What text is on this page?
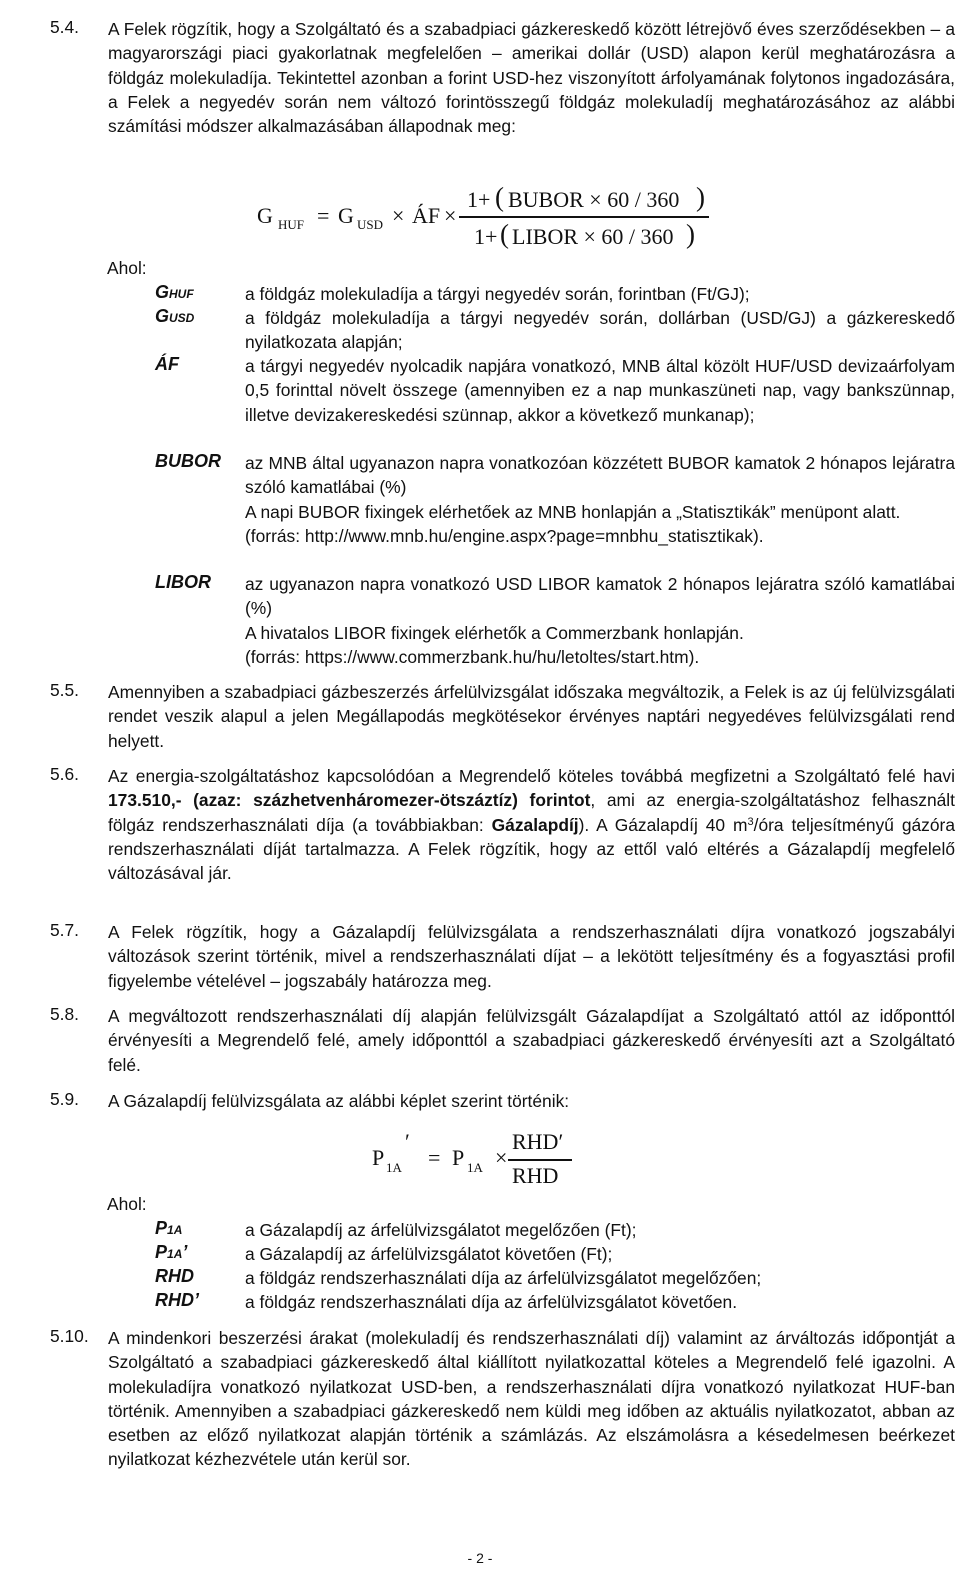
5.4. A Felek rögzítik, hogy a Szolgáltató és a szabadpiaci gázkereskedő között létrejövő éves szerződésekben – a magyarországi piaci gyakorlatnak megfelelően – amerikai dollár (USD) alapon kerül meghatározásra a földgáz molekuladíja. Tekintettel azonban a forint USD-hez viszonyított árfolyamának folytonos ingadozására, a Felek a negyedév során nem változó forintösszegű földgáz molekuladíj meghatározásához az alábbi számítási módszer alkalmazásában állapodnak meg:
G HUF = G USD × ÁF ×
1+ ( BUBOR × 60 / 360 )
1+ ( LIBOR × 60 / 360 )
Ahol:
GHUF	a földgáz molekuladíja a tárgyi negyedév során, forintban (Ft/GJ);
GUSD	a földgáz molekuladíja a tárgyi negyedév során, dollárban (USD/GJ) a gázkereskedő nyilatkozata alapján;
ÁF	a tárgyi negyedév nyolcadik napjára vonatkozó, MNB által közölt HUF/USD devizaárfolyam 0,5 forinttal növelt összege (amennyiben ez a nap munkaszüneti nap, vagy bankszünnap, illetve devizakereskedési szünnap, akkor a következő munkanap);
BUBOR az MNB által ugyanazon napra vonatkozóan közzétett BUBOR kamatok 2 hónapos lejáratra szóló kamatlábai (%)
A napi BUBOR fixingek elérhetőek az MNB honlapján a „Statisztikák” menüpont alatt.
(forrás: http://www.mnb.hu/engine.aspx?page=mnbhu_statisztikak).
LIBOR az ugyanazon napra vonatkozó USD LIBOR kamatok 2 hónapos lejáratra szóló kamatlábai (%)
A hivatalos LIBOR fixingek elérhetők a Commerzbank honlapján.
(forrás: https://www.commerzbank.hu/hu/letoltes/start.htm).
5.5. Amennyiben a szabadpiaci gázbeszerzés árfelülvizsgálat időszaka megváltozik, a Felek is az új felülvizsgálati rendet veszik alapul a jelen Megállapodás megkötésekor érvényes naptári negyedéves felülvizsgálati rend helyett.
5.6. Az energia-szolgáltatáshoz kapcsolódóan a Megrendelő köteles továbbá megfizetni a Szolgáltató felé havi 173.510,- (azaz: százhetvenháromezer-ötszáztíz) forintot, ami az energia-szolgáltatáshoz felhasznált fölgáz rendszerhasználati díja (a továbbiakban: Gázalapdíj). A Gázalapdíj 40 $m^3$/óra teljesítményű gázóra rendszerhasználati díját tartalmazza. A Felek rögzítik, hogy az ettől való eltérés a Gázalapdíj megfelelő változásával jár.
5.7. A Felek rögzítik, hogy a Gázalapdíj felülvizsgálata a rendszerhasználati díjra vonatkozó jogszabályi változások szerint történik, mivel a rendszerhasználati díjat – a lekötött teljesítmény és a fogyasztási profil figyelembe vételével – jogszabály határozza meg.
5.8. A megváltozott rendszerhasználati díj alapján felülvizsgált Gázalapdíjat a Szolgáltató attól az időponttól érvényesíti a Megrendelő felé, amely időponttól a szabadpiaci gázkereskedő érvényesíti azt a Szolgáltató felé.
5.9. A Gázalapdíj felülvizsgálata az alábbi képlet szerint történik:
P 1A
′
= P 1A ×
RHD′
RHD
Ahol:
P1A	a Gázalapdíj az árfelülvizsgálatot megelőzően (Ft);
P1A’	a Gázalapdíj az árfelülvizsgálatot követően (Ft);
RHD	a földgáz rendszerhasználati díja az árfelülvizsgálatot megelőzően;
RHD’	a földgáz rendszerhasználati díja az árfelülvizsgálatot követően.
5.10. A mindenkori beszerzési árakat (molekuladíj és rendszerhasználati díj) valamint az árváltozás időpontját a Szolgáltató a szabadpiaci gázkereskedő által kiállított nyilatkozattal köteles a Megrendelő felé igazolni. A molekuladíjra vonatkozó nyilatkozat USD-ben, a rendszerhasználati díjra vonatkozó nyilatkozat HUF-ban történik. Amennyiben a szabadpiaci gázkereskedő nem küldi meg időben az aktuális nyilatkozatot, abban az esetben az előző nyilatkozat alapján történik a számlázás. Az elszámolásra a késedelmesen beérkezet nyilatkozat kézhezvétele után kerül sor.
- 2 -
